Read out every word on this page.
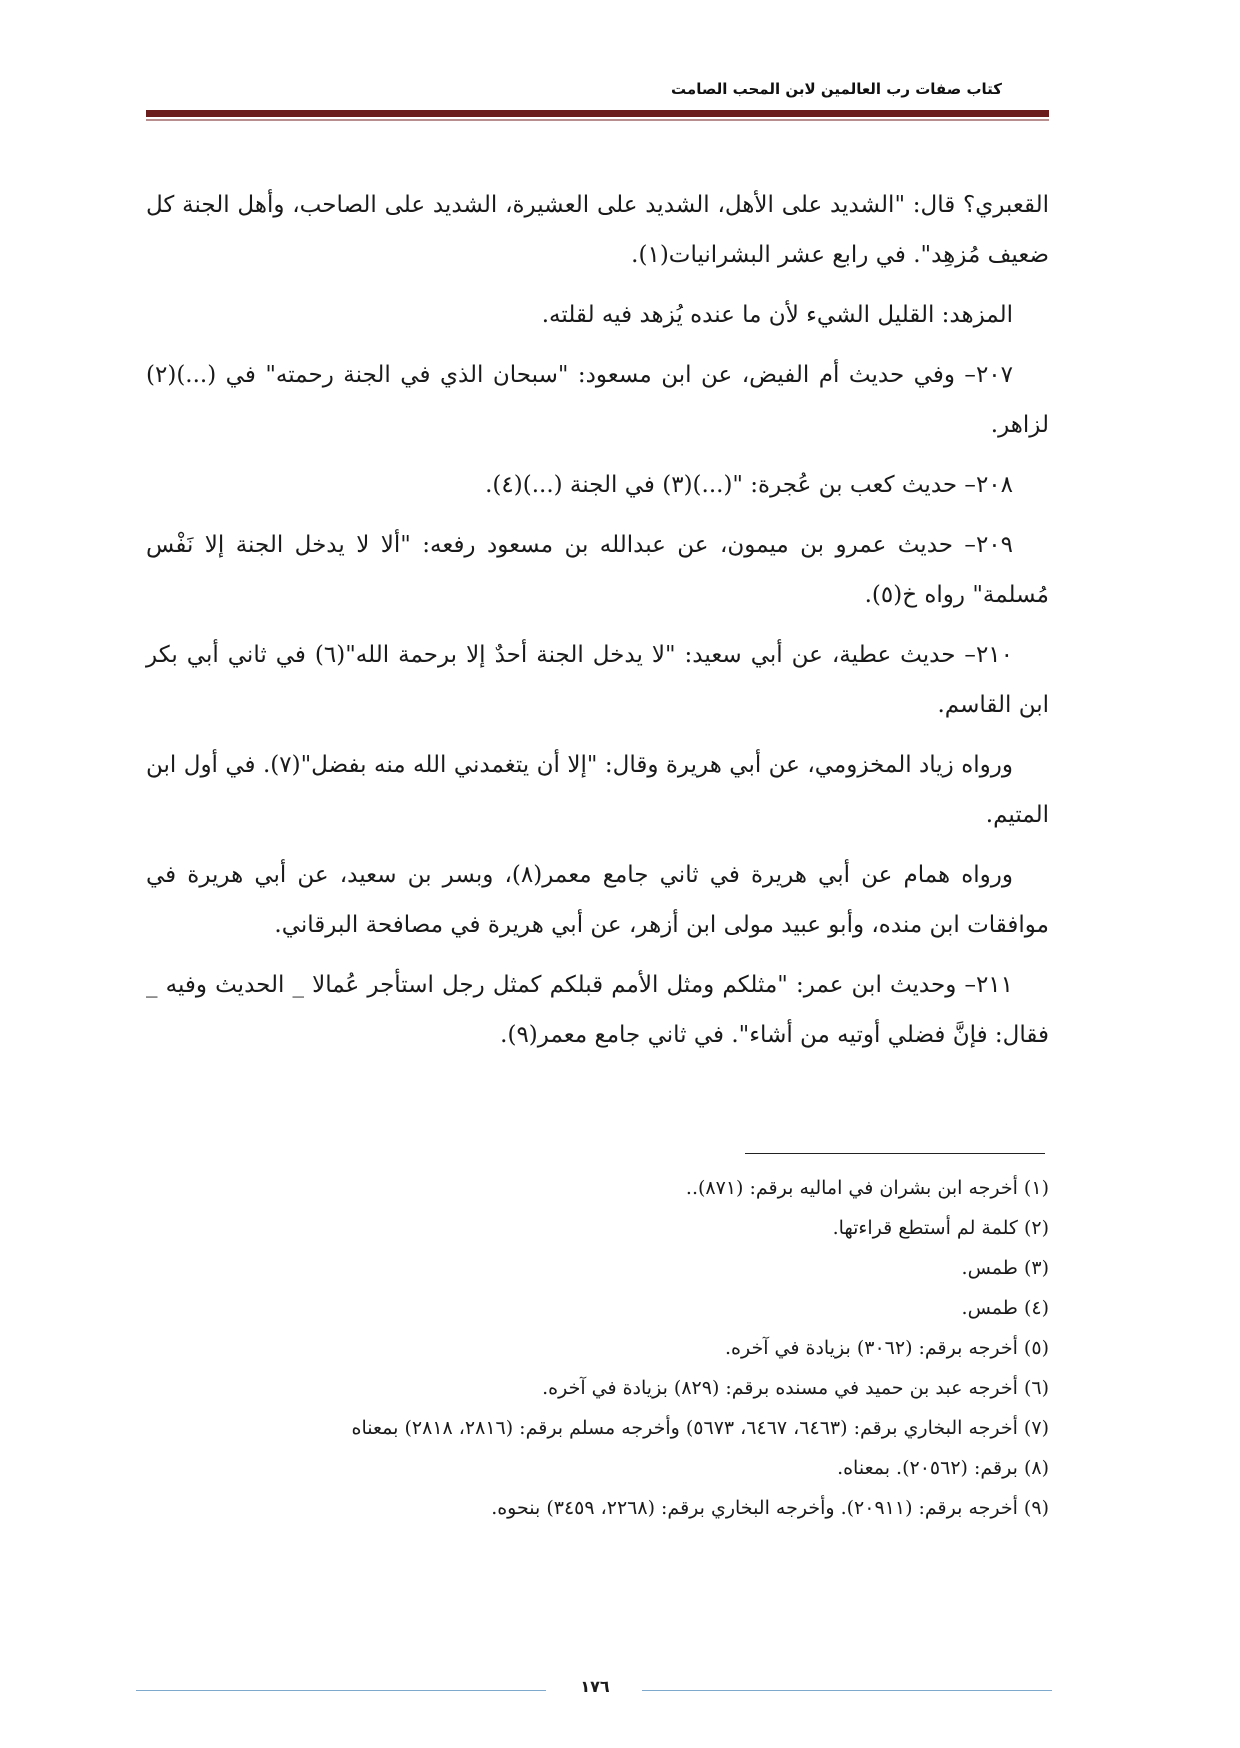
كتاب صفات رب العالمين لابن المحب الصامت

القعبري؟ قال: "الشديد على الأهل، الشديد على العشيرة، الشديد على الصاحب، وأهل الجنة كل ضعيف مُزهِد". في رابع عشر البشرانيات(١).

المزهد: القليل الشيء لأن ما عنده يُزهد فيه لقلته.

٢٠٧– وفي حديث أم الفيض، عن ابن مسعود: "سبحان الذي في الجنة رحمته" في (...)(٢) لزاهر.

٢٠٨– حديث كعب بن عُجرة: "(...)(٣) في الجنة (...)(٤).

٢٠٩– حديث عمرو بن ميمون، عن عبدالله بن مسعود رفعه: "ألا لا يدخل الجنة إلا نَفْس مُسلمة" رواه خ(٥).

٢١٠– حديث عطية، عن أبي سعيد: "لا يدخل الجنة أحدٌ إلا برحمة الله"(٦) في ثاني أبي بكر ابن القاسم.

ورواه زياد المخزومي، عن أبي هريرة وقال: "إلا أن يتغمدني الله منه بفضل"(٧). في أول ابن المتيم.

ورواه همام عن أبي هريرة في ثاني جامع معمر(٨)، وبسر بن سعيد، عن أبي هريرة في موافقات ابن منده، وأبو عبيد مولى ابن أزهر، عن أبي هريرة في مصافحة البرقاني.

٢١١– وحديث ابن عمر: "مثلكم ومثل الأمم قبلكم كمثل رجل استأجر عُمالا _ الحديث وفيه _ فقال: فإنَّ فضلي أوتيه من أشاء". في ثاني جامع معمر(٩).

(١) أخرجه ابن بشران في اماليه برقم: (٨٧١)..
(٢) كلمة لم أستطع قراءتها.
(٣) طمس.
(٤) طمس.
(٥) أخرجه برقم: (٣٠٦٢) بزيادة في آخره.
(٦) أخرجه عبد بن حميد في مسنده برقم: (٨٢٩) بزيادة في آخره.
(٧) أخرجه البخاري برقم: (٦٤٦٣، ٦٤٦٧، ٥٦٧٣) وأخرجه مسلم برقم: (٢٨١٦، ٢٨١٨) بمعناه
(٨) برقم: (٢٠٥٦٢). بمعناه.
(٩) أخرجه برقم: (٢٠٩١١). وأخرجه البخاري برقم: (٢٢٦٨، ٣٤٥٩) بنحوه.
١٧٦
